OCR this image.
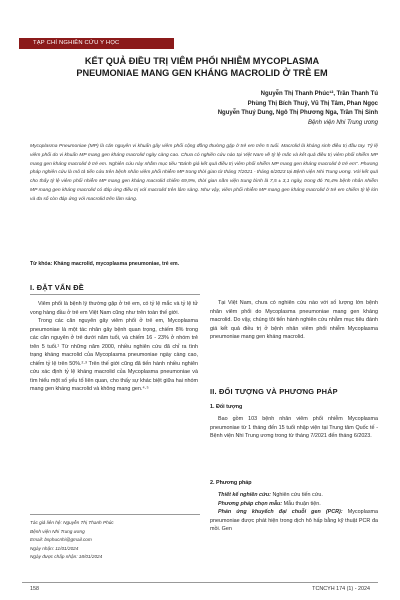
TẠP CHÍ NGHIÊN CỨU Y HỌC
KẾT QUẢ ĐIỀU TRỊ VIÊM PHỔI NHIỄM MYCOPLASMA
PNEUMONIAE MANG GEN KHÁNG MACROLID Ở TRẺ EM
Nguyễn Thị Thanh Phúc¹², Trần Thanh Tú
Phùng Thị Bích Thuỷ, Vũ Thị Tâm, Phan Ngọc
Nguyễn Thuý Dung, Ngô Thị Phương Nga, Trần Thị Sinh
Bệnh viện Nhi Trung ương
Mycoplasma Pneumoniae (MP) là căn nguyên vi khuẩn gây viêm phổi cộng đồng thường gặp ở trẻ em trên 5 tuổi. Macrolid là kháng sinh điều trị đầu tay. Tỷ lệ viêm phổi do vi khuẩn MP mang gen kháng macrolid ngày càng cao. Chưa có nghiên cứu nào tại Việt Nam về tỷ lệ mắc và kết quả điều trị viêm phổi nhiễm MP mang gen kháng macrolid ở trẻ em. Nghiên cứu này nhằm mục tiêu "Đánh giá kết quả điều trị viêm phổi nhiễm MP mang gen kháng macrolid ở trẻ em". Phương pháp nghiên cứu là mô tả tiến cứu trên bệnh nhân viêm phổi nhiễm MP trong thời gian từ tháng 7/2021 - tháng 6/2023 tại Bệnh viện Nhi Trung ương. Với kết quả cho thấy tỷ lệ viêm phổi nhiễm MP mang gen kháng macrolid chiếm 69,9%, thời gian nằm viện trung bình là 7,5 ± 3,1 ngày, trong đó 76,4% bệnh nhân nhiễm MP mang gen kháng macrolid có đáp ứng điều trị với macrolid trên lâm sàng. Như vậy, viêm phổi nhiễm MP mang gen kháng macrolid ở trẻ em chiếm tỷ lệ lớn và đa số còn đáp ứng với macrolid trên lâm sàng.
Từ khóa: Kháng macrolid, mycoplasma pneumoniae, trẻ em.
I. ĐẶT VẤN ĐỀ

Viêm phổi là bệnh lý thường gặp ở trẻ em, có tỷ lệ mắc và tỷ lệ tử vong hàng đầu ở trẻ em Việt Nam cũng như trên toàn thế giới.

Trong các căn nguyên gây viêm phổi ở trẻ em, Mycoplasma pneumoniae là một tác nhân gây bệnh quan trọng, chiếm 8% trong các căn nguyên ở trẻ dưới năm tuổi, và chiếm 16 - 23% ở nhóm trẻ trên 5 tuổi.¹ Từ những năm 2000, nhiều nghiên cứu đã chỉ ra tình trạng kháng macrolid của Mycoplasma pneumoniae ngày càng cao, chiếm tỷ lệ trên 50%.²·³ Trên thế giới cũng đã tiến hành nhiều nghiên cứu xác định tỷ lệ kháng macrolid của Mycoplasma pneumoniae và tìm hiểu một số yếu tố liên quan, cho thấy sự khác biệt giữa hai nhóm mang gen kháng macrolid và không mang gen.⁴·⁵

Tác giả liên hệ: Nguyễn Thị Thanh Phúc
Bệnh viện Nhi Trung ương
Email: bsphucnhi@gmail.com
Ngày nhận: 11/01/2024
Ngày được chấp nhận: 18/01/2024

Tại Việt Nam, chưa có nghiên cứu nào với số lượng lớn bệnh nhân viêm phổi do Mycoplasma pneumoniae mang gen kháng macrolid. Do vậy, chúng tôi tiến hành nghiên cứu nhằm mục tiêu đánh giá kết quả điều trị ở bệnh nhân viêm phổi nhiễm Mycoplasma pneumoniae mang gen kháng macrolid.

II. ĐỐI TƯỢNG VÀ PHƯƠNG PHÁP
1. Đối tượng

Bao gồm 103 bệnh nhân viêm phổi nhiễm Mycoplasma pneumoniae từ 1 tháng đến 15 tuổi nhập viện tại Trung tâm Quốc tế - Bệnh viện Nhi Trung ương trong từ tháng 7/2021 đến tháng 6/2023.

2. Phương pháp

Thiết kế nghiên cứu: Nghiên cứu tiến cứu.

Phương pháp chọn mẫu: Mẫu thuận tiện.

Phản ứng khuyếch đại chuỗi gen (PCR): Mycoplasma pneumoniae được phát hiện trong dịch hô hấp bằng kỹ thuật PCR đa mồi. Gen

158	TCNCYH 174 (1) - 2024
